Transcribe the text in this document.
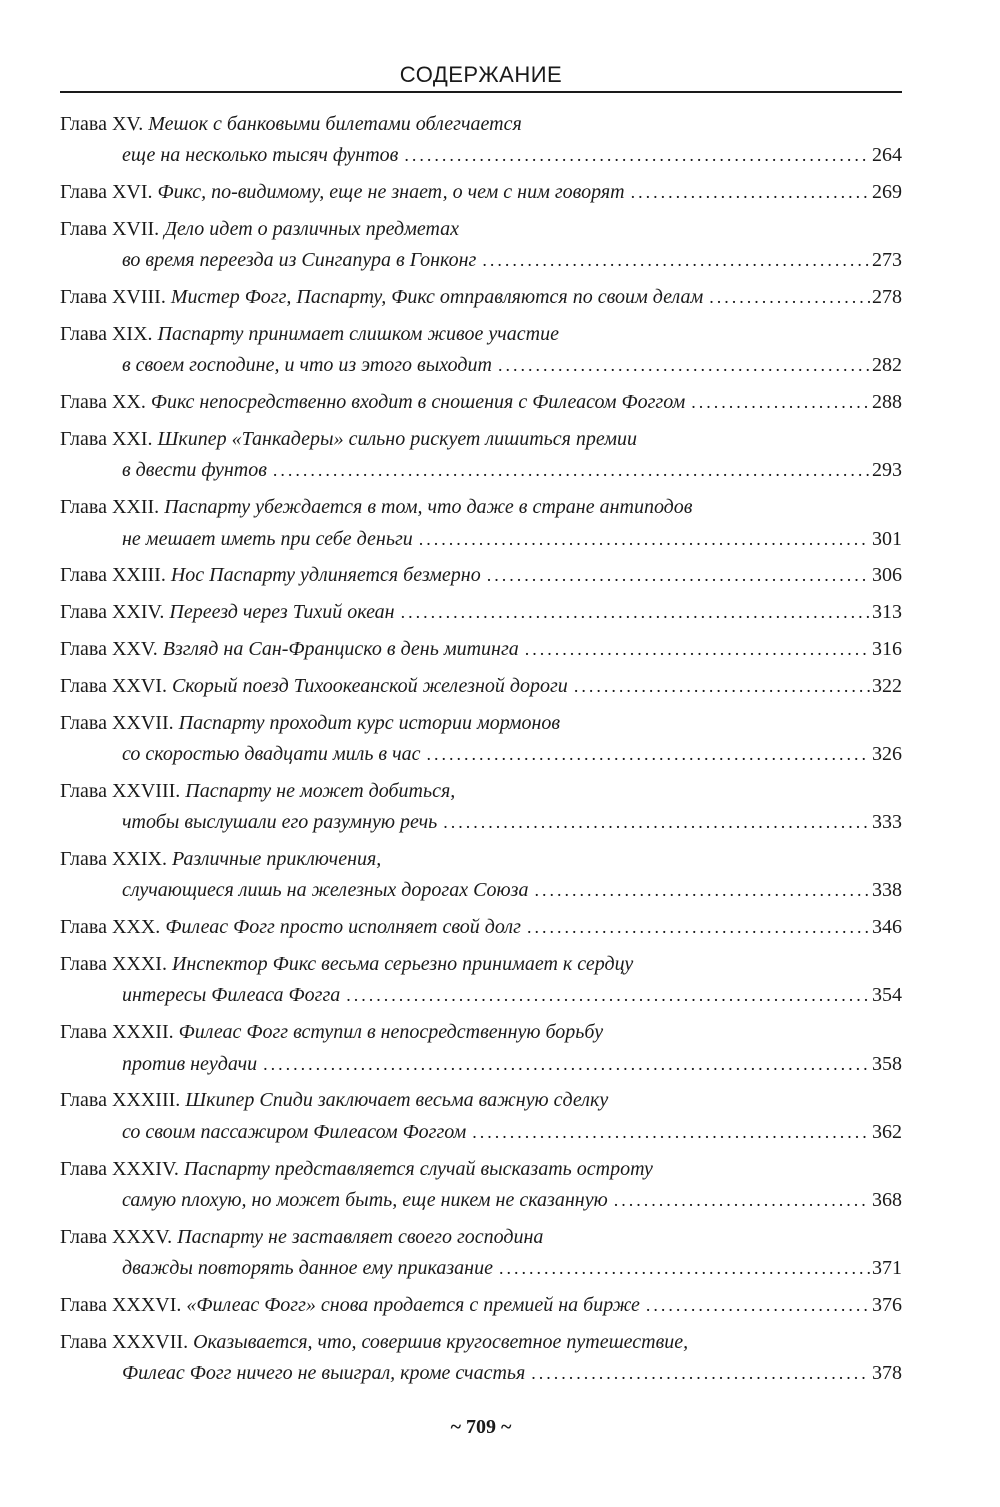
СОДЕРЖАНИЕ
Глава XV.
Мешок с банковыми билетами облегчается
еще на несколько тысяч фунтов .....	264
Глава XVI.
Фикс, по-видимому, еще не знает, о чем с ним говорят .....	269
Глава XVII.
Дело идет о различных предметах
во время переезда из Сингапура в Гонконг .....	273
Глава XVIII.
Мистер Фогг, Паспарту, Фикс отправляются по своим делам .....	278
Глава XIX.
Паспарту принимает слишком живое участие
в своем господине, и что из этого выходит .....	282
Глава XX.
Фикс непосредственно входит в сношения с Филеасом Фоггом .....	288
Глава XXI.
Шкипер «Танкадеры» сильно рискует лишиться премии
в двести фунтов .....	293
Глава XXII.
Паспарту убеждается в том, что даже в стране антиподов
не мешает иметь при себе деньги .....	301
Глава XXIII.
Нос Паспарту удлиняется безмерно .....	306
Глава XXIV.
Переезд через Тихий океан .....	313
Глава XXV.
Взгляд на Сан-Франциско в день митинга .....	316
Глава XXVI.
Скорый поезд Тихоокеанской железной дороги .....	322
Глава XXVII.
Паспарту проходит курс истории мормонов
со скоростью двадцати миль в час .....	326
Глава XXVIII.
Паспарту не может добиться,
чтобы выслушали его разумную речь .....	333
Глава XXIX.
Различные приключения,
случающиеся лишь на железных дорогах Союза .....	338
Глава XXX.
Филеас Фогг просто исполняет свой долг .....	346
Глава XXXI.
Инспектор Фикс весьма серьезно принимает к сердцу
интересы Филеаса Фогга .....	354
Глава XXXII.
Филеас Фогг вступил в непосредственную борьбу
против неудачи .....	358
Глава XXXIII.
Шкипер Спиди заключает весьма важную сделку
со своим пассажиром Филеасом Фоггом .....	362
Глава XXXIV.
Паспарту представляется случай высказать остроту
самую плохую, но может быть, еще никем не сказанную .....	368
Глава XXXV.
Паспарту не заставляет своего господина
дважды повторять данное ему приказание .....	371
Глава XXXVI.
«Филеас Фогг» снова продается с премией на бирже .....	376
Глава XXXVII.
Оказывается, что, совершив кругосветное путешествие,
Филеас Фогг ничего не выиграл, кроме счастья .....	378
~ 709 ~
